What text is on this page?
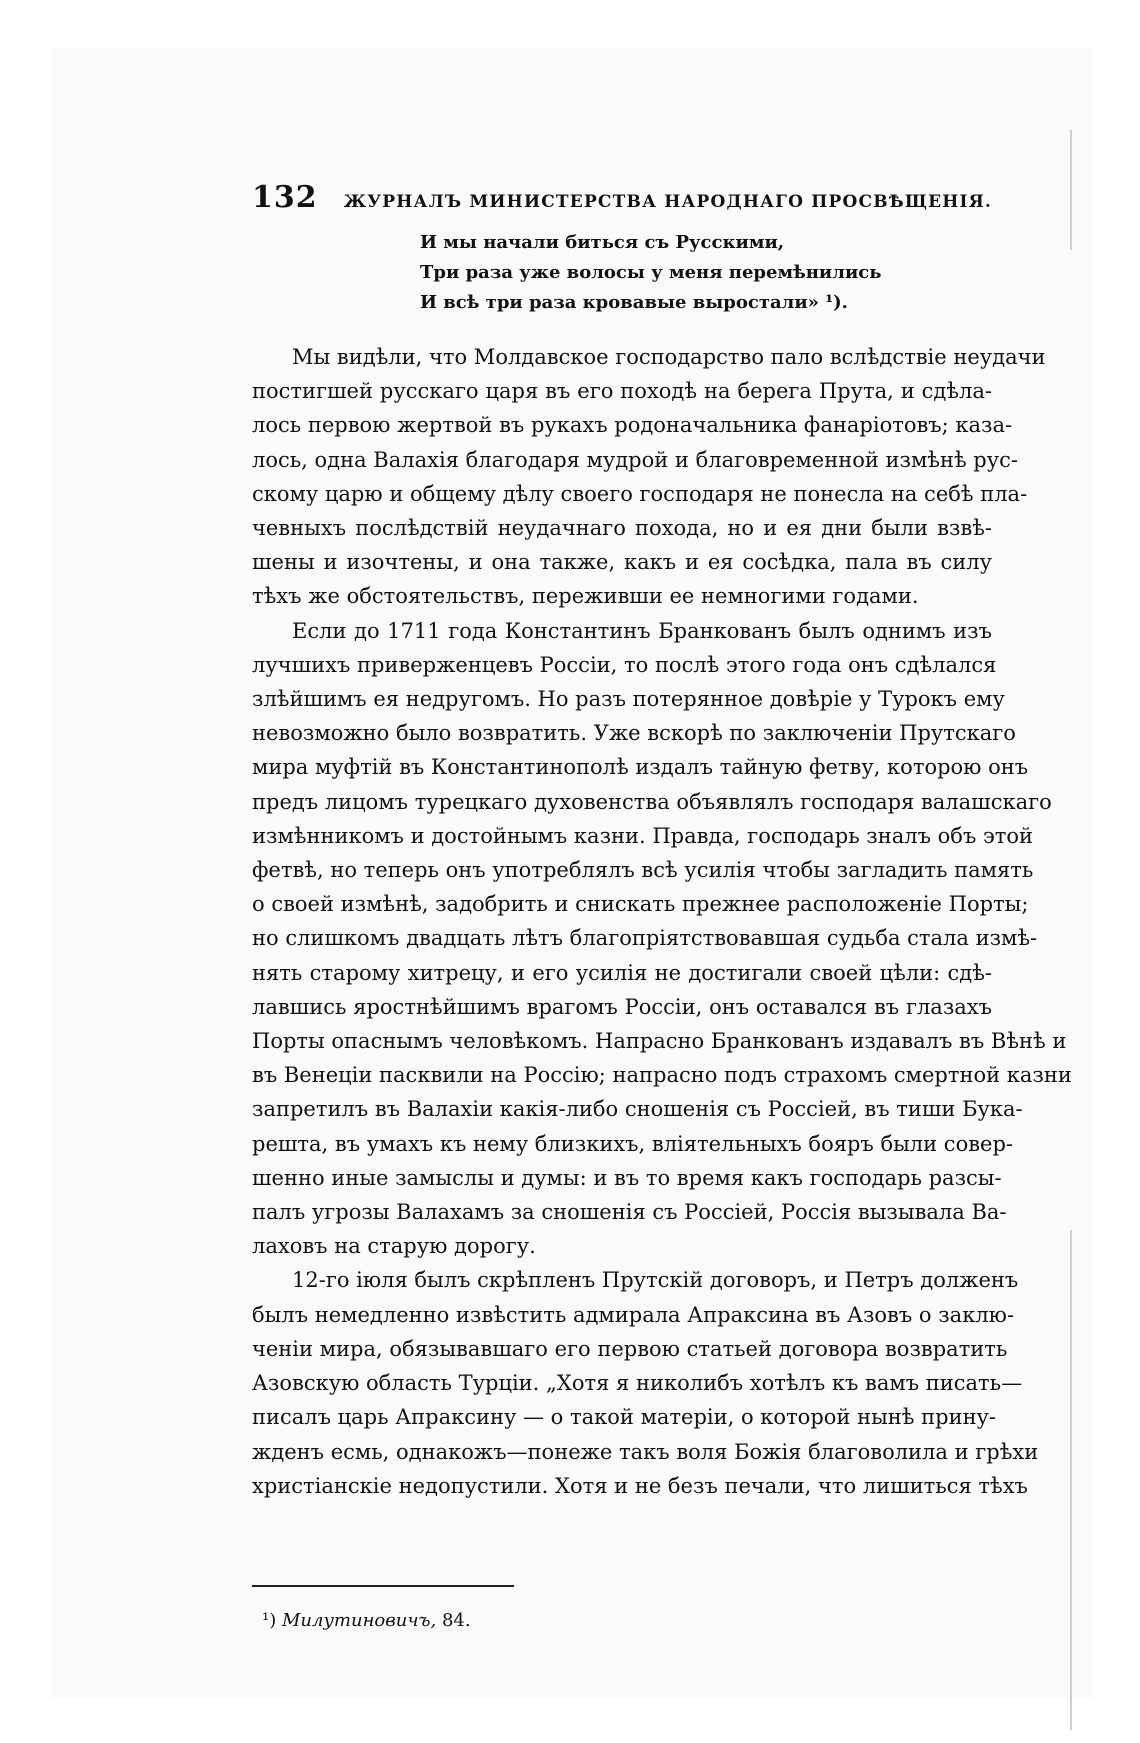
132	ЖУРНАЛЪ МИНИСТЕРСТВА НАРОДНАГО ПРОСВѢЩЕНІЯ.
И мы начали биться съ Русскими,
Три раза уже волосы у меня перемѣнились
И всѣ три раза кровавые выростали» ¹).
Мы видѣли, что Молдавское господарство пало вслѣдствіе неудачи
постигшей русскаго царя въ его походѣ на берега Прута, и сдѣла-
лось первою жертвой въ рукахъ родоначальника фанаріотовъ; каза-
лось, одна Валахія благодаря мудрой и благовременной измѣнѣ рус-
скому царю и общему дѣлу своего господаря не понесла на себѣ пла-
чевныхъ послѣдствій неудачнаго похода, но и ея дни были взвѣ-
шены и изочтены, и она также, какъ и ея сосѣдка, пала въ силу
тѣхъ же обстоятельствъ, переживши ее немногими годами.
Если до 1711 года Константинъ Бранкованъ былъ однимъ изъ
лучшихъ приверженцевъ Россіи, то послѣ этого года онъ сдѣлался
злѣйшимъ ея недругомъ. Но разъ потерянное довѣріе у Турокъ ему
невозможно было возвратить. Уже вскорѣ по заключеніи Прутскаго
мира муфтій въ Константинополѣ издалъ тайную фетву, которою онъ
предъ лицомъ турецкаго духовенства объявлялъ господаря валашскаго
измѣнникомъ и достойнымъ казни. Правда, господарь зналъ объ этой
фетвѣ, но теперь онъ употреблялъ всѣ усилія чтобы загладить память
о своей измѣнѣ, задобрить и снискать прежнее расположеніе Порты;
но слишкомъ двадцать лѣтъ благопріятствовавшая судьба стала измѣ-
нять старому хитрецу, и его усилія не достигали своей цѣли: сдѣ-
лавшись яростнѣйшимъ врагомъ Россіи, онъ оставался въ глазахъ
Порты опаснымъ человѣкомъ. Напрасно Бранкованъ издавалъ въ Вѣнѣ и
въ Венеціи пасквили на Россію; напрасно подъ страхомъ смертной казни
запретилъ въ Валахіи какія-либо сношенія съ Россіей, въ тиши Бука-
решта, въ умахъ къ нему близкихъ, вліятельныхъ бояръ были совер-
шенно иные замыслы и думы: и въ то время какъ господарь разсы-
палъ угрозы Валахамъ за сношенія съ Россіей, Россія вызывала Ва-
лаховъ на старую дорогу.
12-го іюля былъ скрѣпленъ Прутскій договоръ, и Петръ долженъ
былъ немедленно извѣстить адмирала Апраксина въ Азовъ о заклю-
ченіи мира, обязывавшаго его первою статьей договора возвратить
Азовскую область Турціи. „Хотя я николибъ хотѣлъ къ вамъ писать—
писалъ царь Апраксину — о такой матеріи, о которой нынѣ прину-
жденъ есмь, однакожъ—понеже такъ воля Божія благоволила и грѣхи
христіанскіе недопустили. Хотя и не безъ печали, что лишиться тѣхъ
¹) Милутиновичъ, 84.
